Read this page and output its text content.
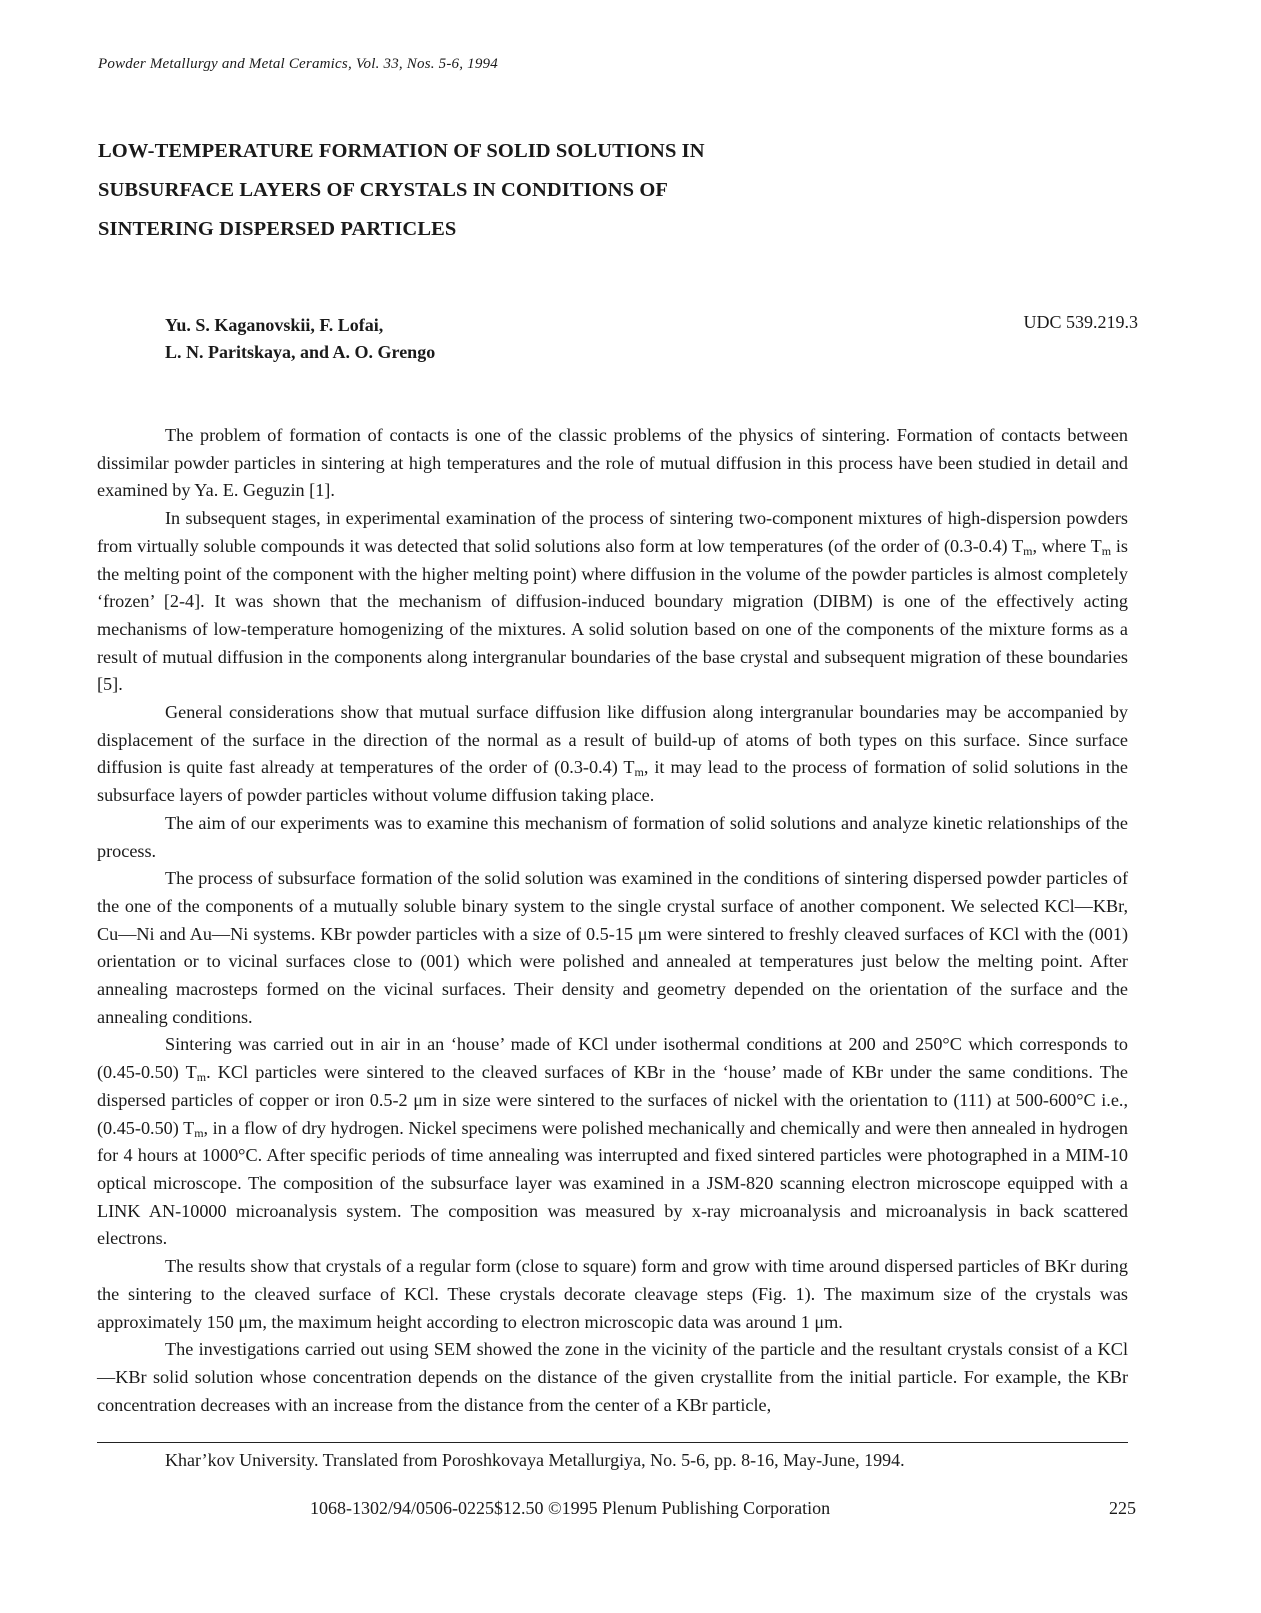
Powder Metallurgy and Metal Ceramics, Vol. 33, Nos. 5-6, 1994
LOW-TEMPERATURE FORMATION OF SOLID SOLUTIONS IN
SUBSURFACE LAYERS OF CRYSTALS IN CONDITIONS OF
SINTERING DISPERSED PARTICLES
Yu. S. Kaganovskii, F. Lofai,
L. N. Paritskaya, and A. O. Grengo
UDC 539.219.3

The problem of formation of contacts is one of the classic problems of the physics of sintering. Formation of contacts between dissimilar powder particles in sintering at high temperatures and the role of mutual diffusion in this process have been studied in detail and examined by Ya. E. Geguzin [1].

In subsequent stages, in experimental examination of the process of sintering two-component mixtures of high-dispersion powders from virtually soluble compounds it was detected that solid solutions also form at low temperatures (of the order of (0.3-0.4) $T_m$, where $T_m$ is the melting point of the component with the higher melting point) where diffusion in the volume of the powder particles is almost completely ‘frozen’ [2-4]. It was shown that the mechanism of diffusion-induced boundary migration (DIBM) is one of the effectively acting mechanisms of low-temperature homogenizing of the mixtures. A solid solution based on one of the components of the mixture forms as a result of mutual diffusion in the components along intergranular boundaries of the base crystal and subsequent migration of these boundaries [5].

General considerations show that mutual surface diffusion like diffusion along intergranular boundaries may be accompanied by displacement of the surface in the direction of the normal as a result of build-up of atoms of both types on this surface. Since surface diffusion is quite fast already at temperatures of the order of (0.3-0.4) $T_m$, it may lead to the process of formation of solid solutions in the subsurface layers of powder particles without volume diffusion taking place.

The aim of our experiments was to examine this mechanism of formation of solid solutions and analyze kinetic relationships of the process.

The process of subsurface formation of the solid solution was examined in the conditions of sintering dispersed powder particles of the one of the components of a mutually soluble binary system to the single crystal surface of another component. We selected KCl—KBr, Cu—Ni and Au—Ni systems. KBr powder particles with a size of 0.5-15 μm were sintered to freshly cleaved surfaces of KCl with the (001) orientation or to vicinal surfaces close to (001) which were polished and annealed at temperatures just below the melting point. After annealing macrosteps formed on the vicinal surfaces. Their density and geometry depended on the orientation of the surface and the annealing conditions.

Sintering was carried out in air in an ‘house’ made of KCl under isothermal conditions at 200 and 250°C which corresponds to (0.45-0.50) $T_m$. KCl particles were sintered to the cleaved surfaces of KBr in the ‘house’ made of KBr under the same conditions. The dispersed particles of copper or iron 0.5-2 μm in size were sintered to the surfaces of nickel with the orientation to (111) at 500-600°C i.e., (0.45-0.50) $T_m$, in a flow of dry hydrogen. Nickel specimens were polished mechanically and chemically and were then annealed in hydrogen for 4 hours at 1000°C. After specific periods of time annealing was interrupted and fixed sintered particles were photographed in a MIM-10 optical microscope. The composition of the subsurface layer was examined in a JSM-820 scanning electron microscope equipped with a LINK AN-10000 microanalysis system. The composition was measured by x-ray microanalysis and microanalysis in back scattered electrons.

The results show that crystals of a regular form (close to square) form and grow with time around dispersed particles of BKr during the sintering to the cleaved surface of KCl. These crystals decorate cleavage steps (Fig. 1). The maximum size of the crystals was approximately 150 μm, the maximum height according to electron microscopic data was around 1 μm.

The investigations carried out using SEM showed the zone in the vicinity of the particle and the resultant crystals consist of a KCl—KBr solid solution whose concentration depends on the distance of the given crystallite from the initial particle. For example, the KBr concentration decreases with an increase from the distance from the center of a KBr particle,

Khar’kov University. Translated from Poroshkovaya Metallurgiya, No. 5-6, pp. 8-16, May-June, 1994.
1068-1302/94/0506-0225$12.50 ©1995 Plenum Publishing Corporation	225
